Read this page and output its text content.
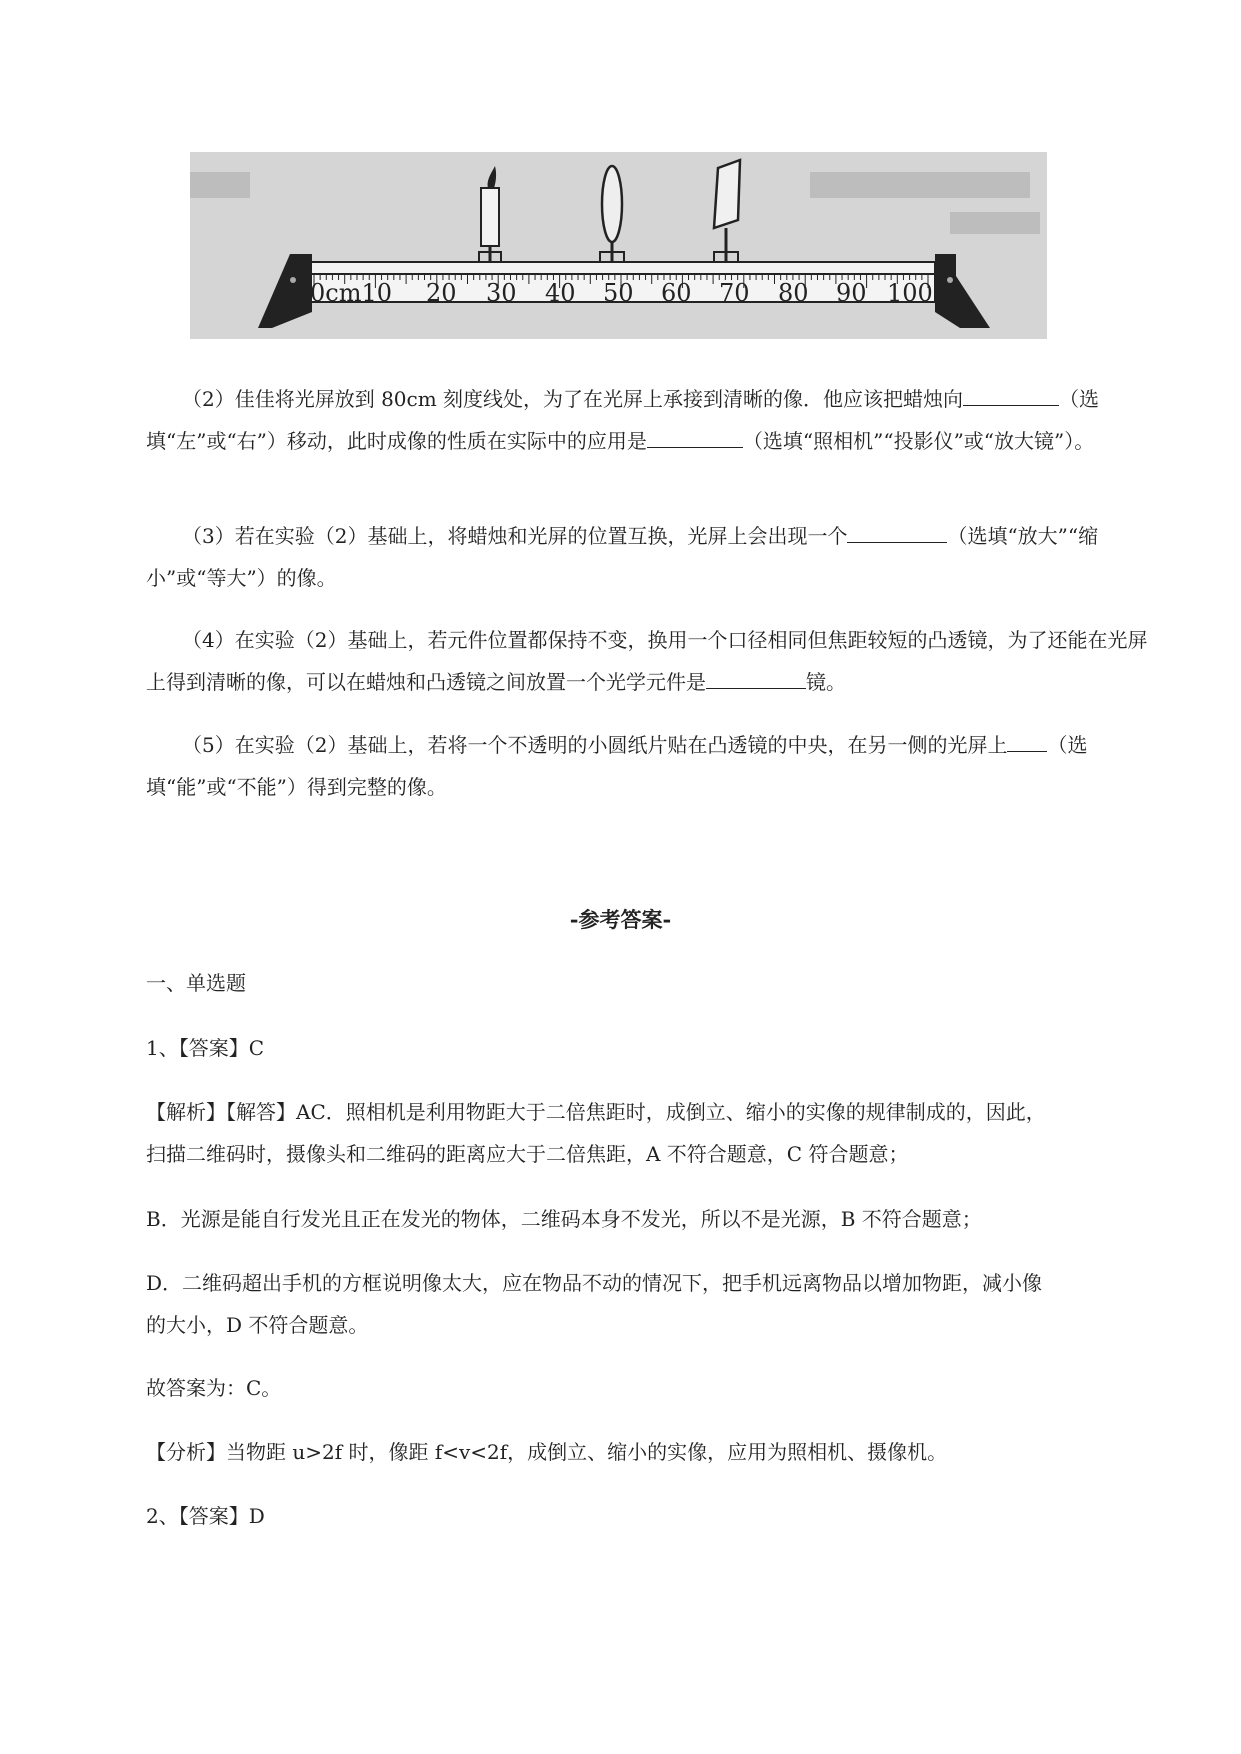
0cm10 20 30 40 50 60 70 80 90 100

（2）佳佳将光屏放到 80cm 刻度线处，为了在光屏上承接到清晰的像．他应该把蜡烛向	（选填“左”或“右”）移动，此时成像的性质在实际中的应用是	（选填“照相机”“投影仪”或“放大镜”）。

（3）若在实验（2）基础上，将蜡烛和光屏的位置互换，光屏上会出现一个	（选填“放大”“缩小”或“等大”）的像。

（4）在实验（2）基础上，若元件位置都保持不变，换用一个口径相同但焦距较短的凸透镜，为了还能在光屏上得到清晰的像，可以在蜡烛和凸透镜之间放置一个光学元件是	镜。

（5）在实验（2）基础上，若将一个不透明的小圆纸片贴在凸透镜的中央，在另一侧的光屏上 （选填“能”或“不能”）得到完整的像。

-参考答案-

一、单选题

1、【答案】C

【解析】【解答】AC．照相机是利用物距大于二倍焦距时，成倒立、缩小的实像的规律制成的，因此，

扫描二维码时，摄像头和二维码的距离应大于二倍焦距，A 不符合题意，C 符合题意；

B．光源是能自行发光且正在发光的物体，二维码本身不发光，所以不是光源，B 不符合题意；

D．二维码超出手机的方框说明像太大，应在物品不动的情况下，把手机远离物品以增加物距，减小像

的大小，D 不符合题意。

故答案为：C。

【分析】当物距 u>2f 时，像距 f<v<2f，成倒立、缩小的实像，应用为照相机、摄像机。

2、【答案】D
